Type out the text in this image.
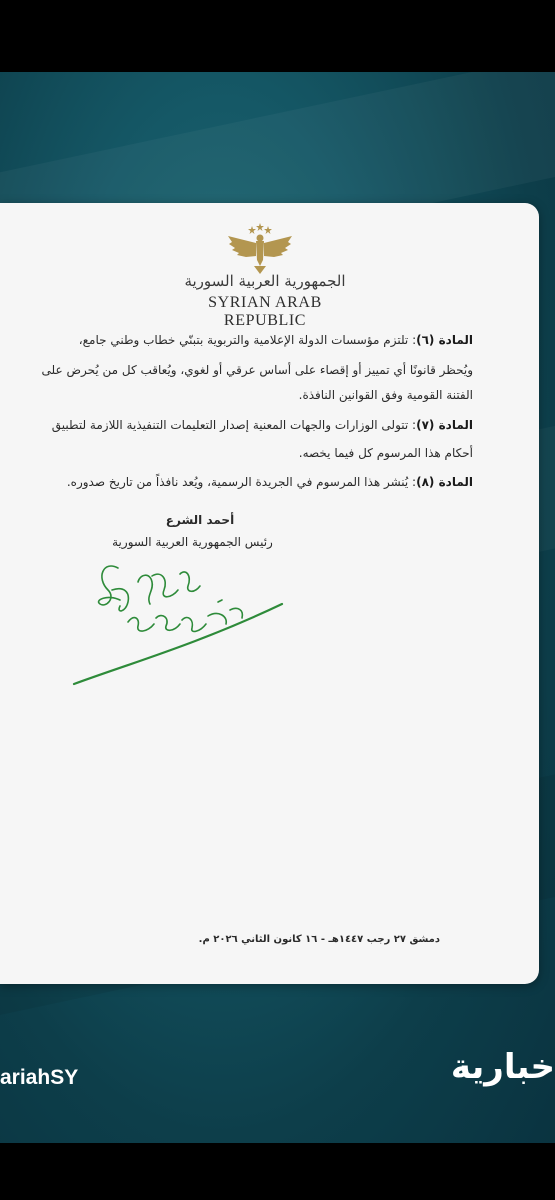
الجمهورية العربية السورية
SYRIAN ARAB REPUBLIC
المادة (٦): تلتزم مؤسسات الدولة الإعلامية والتربوية بتبنّي خطاب وطني جامع،
ويُحظر قانونًا أي تمييز أو إقصاء على أساس عرقي أو لغوي، ويُعاقب كل من يُحرض على
الفتنة القومية وفق القوانين النافذة.
المادة (٧): تتولى الوزارات والجهات المعنية إصدار التعليمات التنفيذية اللازمة لتطبيق
أحكام هذا المرسوم كل فيما يخصه.
المادة (٨): يُنشر هذا المرسوم في الجريدة الرسمية، ويُعد نافذاً من تاريخ صدوره.
أحمد الشرع
رئيس الجمهورية العربية السورية
دمشق ٢٧ رجب ١٤٤٧هـ - ١٦ كانون الثاني ٢٠٢٦ م.
ariahSY	خبارية
